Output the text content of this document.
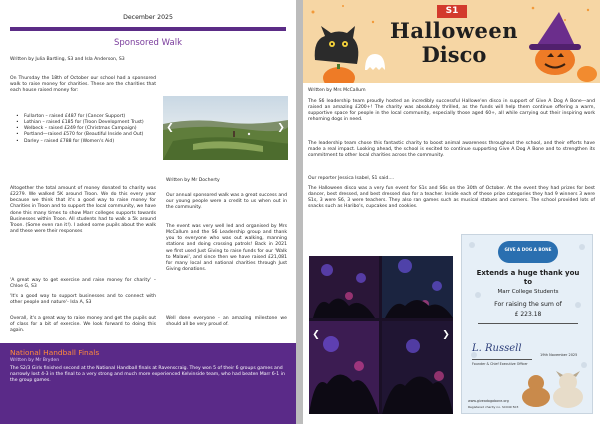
December 2025
Sponsored Walk
Written by Julia Bartling, S3 and Isla Anderson, S3
On Thursday the 18th of October our school had a sponsored walk to raise money for charities. These are the charities that each house raised money for:
• Fullarton – raised £487 for (Cancer Support)
• Lothian – raised £185 for (Troon Development Trust)
• Welbeck – raised £249 for (Christmas Campaign)
• Portland—raised £570 for (Beautiful Inside and Out)
• Darley – raised £788 for (Women's Aid)
Altogether the total amount of money donated to charity was £2279. We walked 5K around Troon. We do this every year because we think that it's a good way to raise money for Charities in Troon and to support the local community, we have done this many times to show Marr colleges supports towards Businesses within Troon. All students had to walk a 5k around Troon. (Some even ran it!). I asked some pupils about the walk and these were their responses
'A great way to get exercise and raise money for charity' – Chloe G, S3
'It's a good way to support businesses and to connect with other people and nature'- Isla A, S3
Overall, it's a great way to raise money and get the pupils out of class for a bit of exercise. We look forward to doing this again.
❮	❯
Written by Mr Docherty
Our annual sponsored walk was a great success and our young people were a credit to us when out in the community.
The event was very well led and organised by Mrs McCallum and the S6 Leadership group and thank you to everyone who was out walking, manning stations and doing crossing patrols! Back in 2021 we first used Just Giving to raise funds for our 'Walk to Malawi', and since then we have raised £21,081 for many local and national charities through Just Giving donations.
Well done everyone - an amazing milestone we should all be very proud of.
National Handball Finals
Written by Mr Bryden
The S2/3 Girls finished second at the National Handball finals at Ravenscraig. They won 5 of their 6 groups games and narrowly lost 4-3 in the final to a very strong and much more experienced Kelvinside team, who had beaten Marr 6-1 in the group games.
S1
Halloween
Disco
Written by Mrs McCallum
The S6 leadership team proudly hosted an incredibly successful Hallowe'en disco in support of Give A Dog A Bone—and raised an amazing £200+! The charity was absolutely thrilled, as the funds will help them continue offering a warm, supportive space for people in the local community, especially those aged 60+, all while carrying out their inspiring work rehoming dogs in need.
The leadership team chose this fantastic charity to boost animal awareness throughout the school, and their efforts have made a real impact. Looking ahead, the school is excited to continue supporting Give A Dog A Bone and to strengthen its commitment to other local charities across the community.
Our reporter Jessica Isabel, S1 said....
The Halloween disco was a very fun event for S1s and S6s on the 30th of October. At the event they had prizes for best dancer, best dressed, and best dressed duo for a teacher. Inside each of these prize categories they had 9 winners 3 were S1s, 3 were S6, 3 were teachers. They also ran games such as musical statues and corners. The school provided lots of snacks such as Haribo's, cupcakes and cookies.
❮	❯
GIVE A DOG A BONE
Extends a huge thank you to
Marr College Students
For raising the sum of
£ 223.18
L. Russell
Founder & Chief Executive Officer
19th November 2025
www.giveadogabone.org
Registered charity no. SC049 503
